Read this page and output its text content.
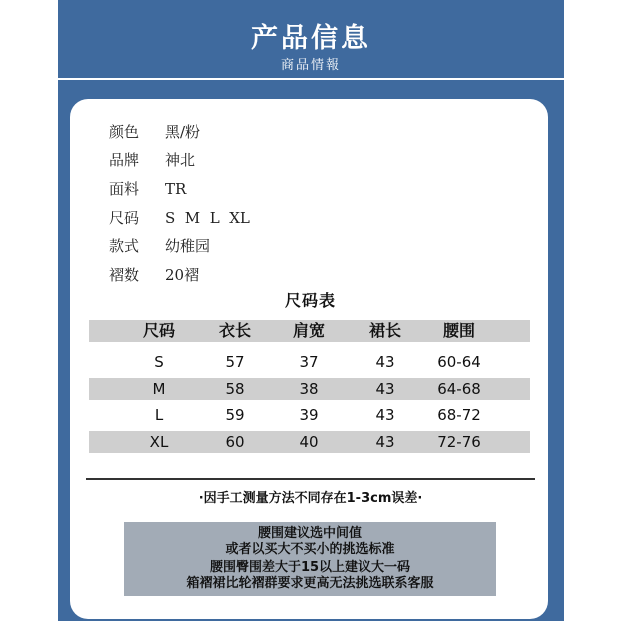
产品信息
商品情報
颜色 黑/粉
品牌 神北
面料 TR
尺码 S  M  L  XL
款式 幼稚园
褶数 20褶
尺码表
尺码	衣长	肩宽	裙长	腰围
S	57	37	43	60-64
M	58	38	43	64-68
L	59	39	43	68-72
XL	60	40	43	72-76
·因手工测量方法不同存在1-3cm误差·
腰围建议选中间值
或者以买大不买小的挑选标准
腰围臀围差大于15以上建议大一码
箱褶裙比轮褶群要求更高无法挑选联系客服
